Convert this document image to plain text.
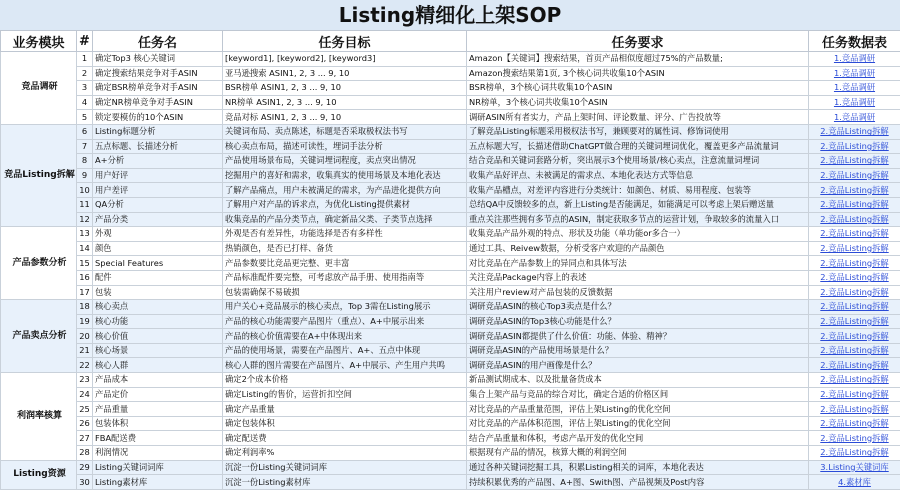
Listing精细化上架SOP
业务模块	#	任务名	任务目标	任务要求	任务数据表
竞品调研	1	确定Top3 核心关键词	[keyword1], [keyword2], [keyword3]	Amazon【关键词】搜索结果，首页产品相似度超过75%的产品数量;	1.竞品调研
	2	确定搜索结果竞争对手ASIN	亚马逊搜索 ASIN1, 2, 3 ... 9, 10	Amazon搜索结果第1页, 3个核心词共收集10个ASIN	1.竞品调研
	3	确定BSR榜单竞争对手ASIN	BSR榜单 ASIN1, 2, 3 ... 9, 10	BSR榜单，3个核心词共收集10个ASIN	1.竞品调研
	4	确定NR榜单竞争对手ASIN	NR榜单 ASIN1, 2, 3 ... 9, 10	NR榜单，3个核心词共收集10个ASIN	1.竞品调研
	5	锁定要模仿的10个ASIN	竞品对标 ASIN1, 2, 3 ... 9, 10	调研ASIN所有者实力，产品上架时间、评论数量、评分、广告投放等	1.竞品调研
竞品Listing拆解	6	Listing标题分析	关键词布局、卖点陈述，标题是否采取极权法书写	了解竞品Listing标题采用极权法书写，兼顾要对的属性词、修饰词使用	2.竞品Listing拆解
	7	五点标题、长描述分析	核心卖点布局，描述可读性，埋词手法分析	五点标题大写，长描述借助ChatGPT做合理的关键词埋词优化，覆盖更多产品流量词	2.竞品Listing拆解
	8	A+分析	产品使用场景布局，关键词埋词程度，卖点突出情况	结合竞品和关键词套路分析，突出展示3个使用场景/核心卖点，注意流量词埋词	2.竞品Listing拆解
	9	用户好评	挖掘用户的喜好和需求，收集真实的使用场景及本地化表达	收集产品好评点、未被满足的需求点、本地化表达方式等信息	2.竞品Listing拆解
	10	用户差评	了解产品痛点，用户未被满足的需求，为产品进化提供方向	收集产品槽点，对差评内容进行分类统计：如颜色、材质、易用程度、包装等	2.竞品Listing拆解
	11	QA分析	了解用户对产品的诉求点，为优化Listing提供素材	总结QA中反馈较多的点，新上Listing是否能满足，如能满足可以考虑上架后赠送量	2.竞品Listing拆解
	12	产品分类	收集竞品的产品分类节点，确定新品父类、子类节点选择	重点关注那些拥有多节点的ASIN，制定获取多节点的运营计划，争取较多的流量入口	2.竞品Listing拆解
产品参数分析	13	外观	外观是否有差异性，功能选择是否有多样性	收集竞品产品外观的特点、形状及功能（单功能or多合一）	2.竞品Listing拆解
	14	颜色	热销颜色，是否已打样、备货	通过工具、Reivew数据，分析受客户欢迎的产品颜色	2.竞品Listing拆解
	15	Special Features	产品参数要比竞品更完整、更丰富	对比竞品在产品参数上的异同点和具体写法	2.竞品Listing拆解
	16	配件	产品标准配件要完整，可考虑放产品手册、使用指南等	关注竞品Package内容上的表述	2.竞品Listing拆解
	17	包装	包装需确保不易破损	关注用户review对产品包装的反馈数据	2.竞品Listing拆解
产品卖点分析	18	核心卖点	用户关心+竞品展示的核心卖点，Top 3需在Listing展示	调研竞品ASIN的核心Top3卖点是什么？	2.竞品Listing拆解
	19	核心功能	产品的核心功能需要产品图片（重点）、A+中展示出来	调研竞品ASIN的Top3核心功能是什么？	2.竞品Listing拆解
	20	核心价值	产品的核心价值需要在A+中体现出来	调研竞品ASIN都提供了什么价值：功能、体验、精神？	2.竞品Listing拆解
	21	核心场景	产品的使用场景，需要在产品图片、A+、五点中体现	调研竞品ASIN的产品使用场景是什么？	2.竞品Listing拆解
	22	核心人群	核心人群的图片需要在产品图片、A+中展示、产生用户共鸣	调研竞品ASIN的用户画像是什么？	2.竞品Listing拆解
利润率核算	23	产品成本	确定2个成本价格	新品测试期成本、以及批量备货成本	2.竞品Listing拆解
	24	产品定价	确定Listing的售价，运营折扣空间	集合上架产品与竞品的综合对比，确定合适的价格区间	2.竞品Listing拆解
	25	产品重量	确定产品重量	对比竞品的产品重量范围，评估上架Listing的优化空间	2.竞品Listing拆解
	26	包装体积	确定包装体积	对比竞品的产品体积范围，评估上架Listing的优化空间	2.竞品Listing拆解
	27	FBA配送费	确定配送费	结合产品重量和体积，考虑产品开发的优化空间	2.竞品Listing拆解
	28	利润情况	确定利润率%	根据现有产品的情况，核算大概的利润空间	2.竞品Listing拆解
Listing资源	29	Listing关键词词库	沉淀一份Listing关键词词库	通过各种关键词挖掘工具，积累Listing相关的词库，本地化表达	3.Listing关键词库
	30	Listing素材库	沉淀一份Listing素材库	持续积累优秀的产品图、A+图、Swith图、产品视频及Post内容	4.素材库
